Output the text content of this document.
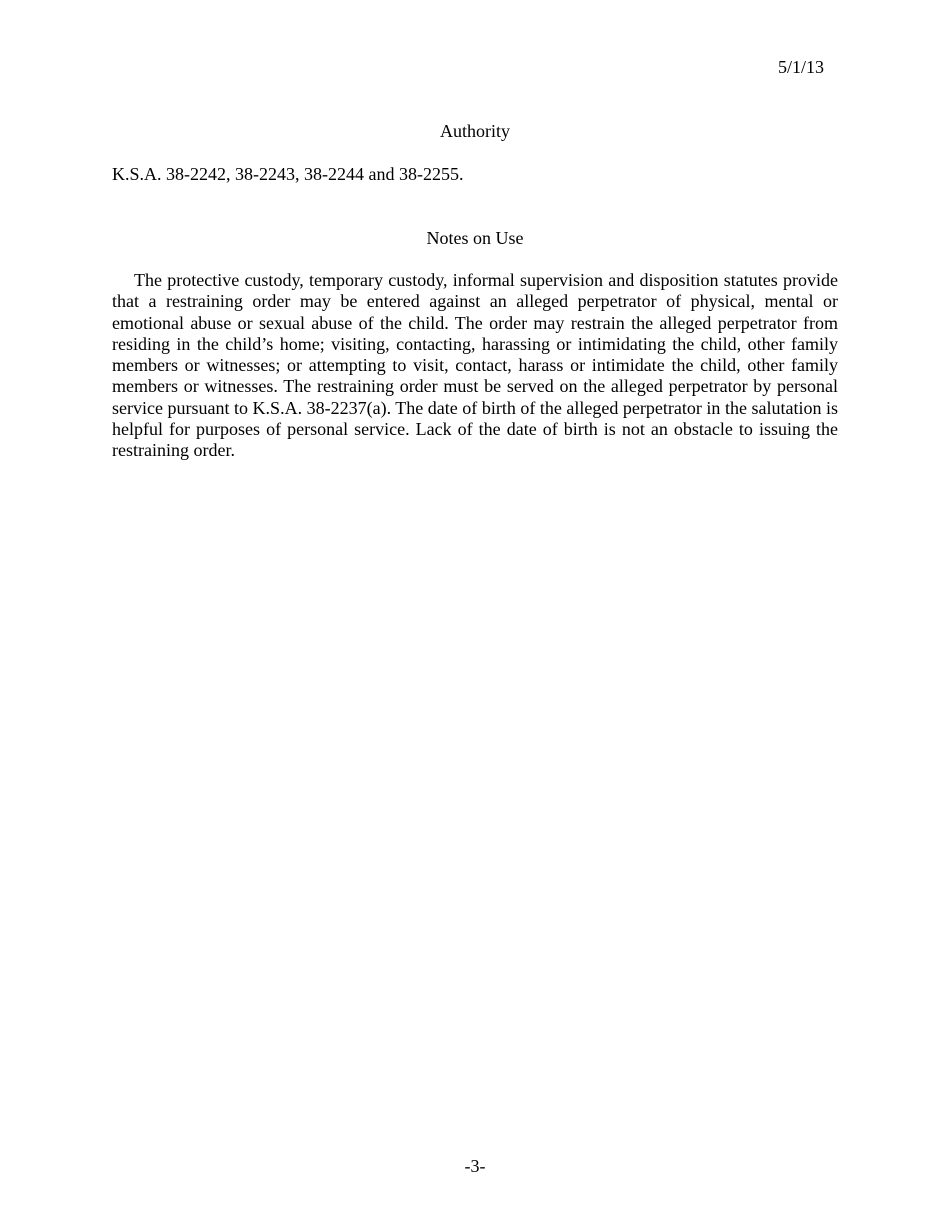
5/1/13
Authority
K.S.A. 38-2242, 38-2243, 38-2244 and 38-2255.
Notes on Use

The protective custody, temporary custody, informal supervision and disposition statutes provide that a restraining order may be entered against an alleged perpetrator of physical, mental or emotional abuse or sexual abuse of the child. The order may restrain the alleged perpetrator from residing in the child’s home; visiting, contacting, harassing or intimidating the child, other family members or witnesses; or attempting to visit, contact, harass or intimidate the child, other family members or witnesses. The restraining order must be served on the alleged perpetrator by personal service pursuant to K.S.A. 38-2237(a). The date of birth of the alleged perpetrator in the salutation is helpful for purposes of personal service. Lack of the date of birth is not an obstacle to issuing the restraining order.

-3-
